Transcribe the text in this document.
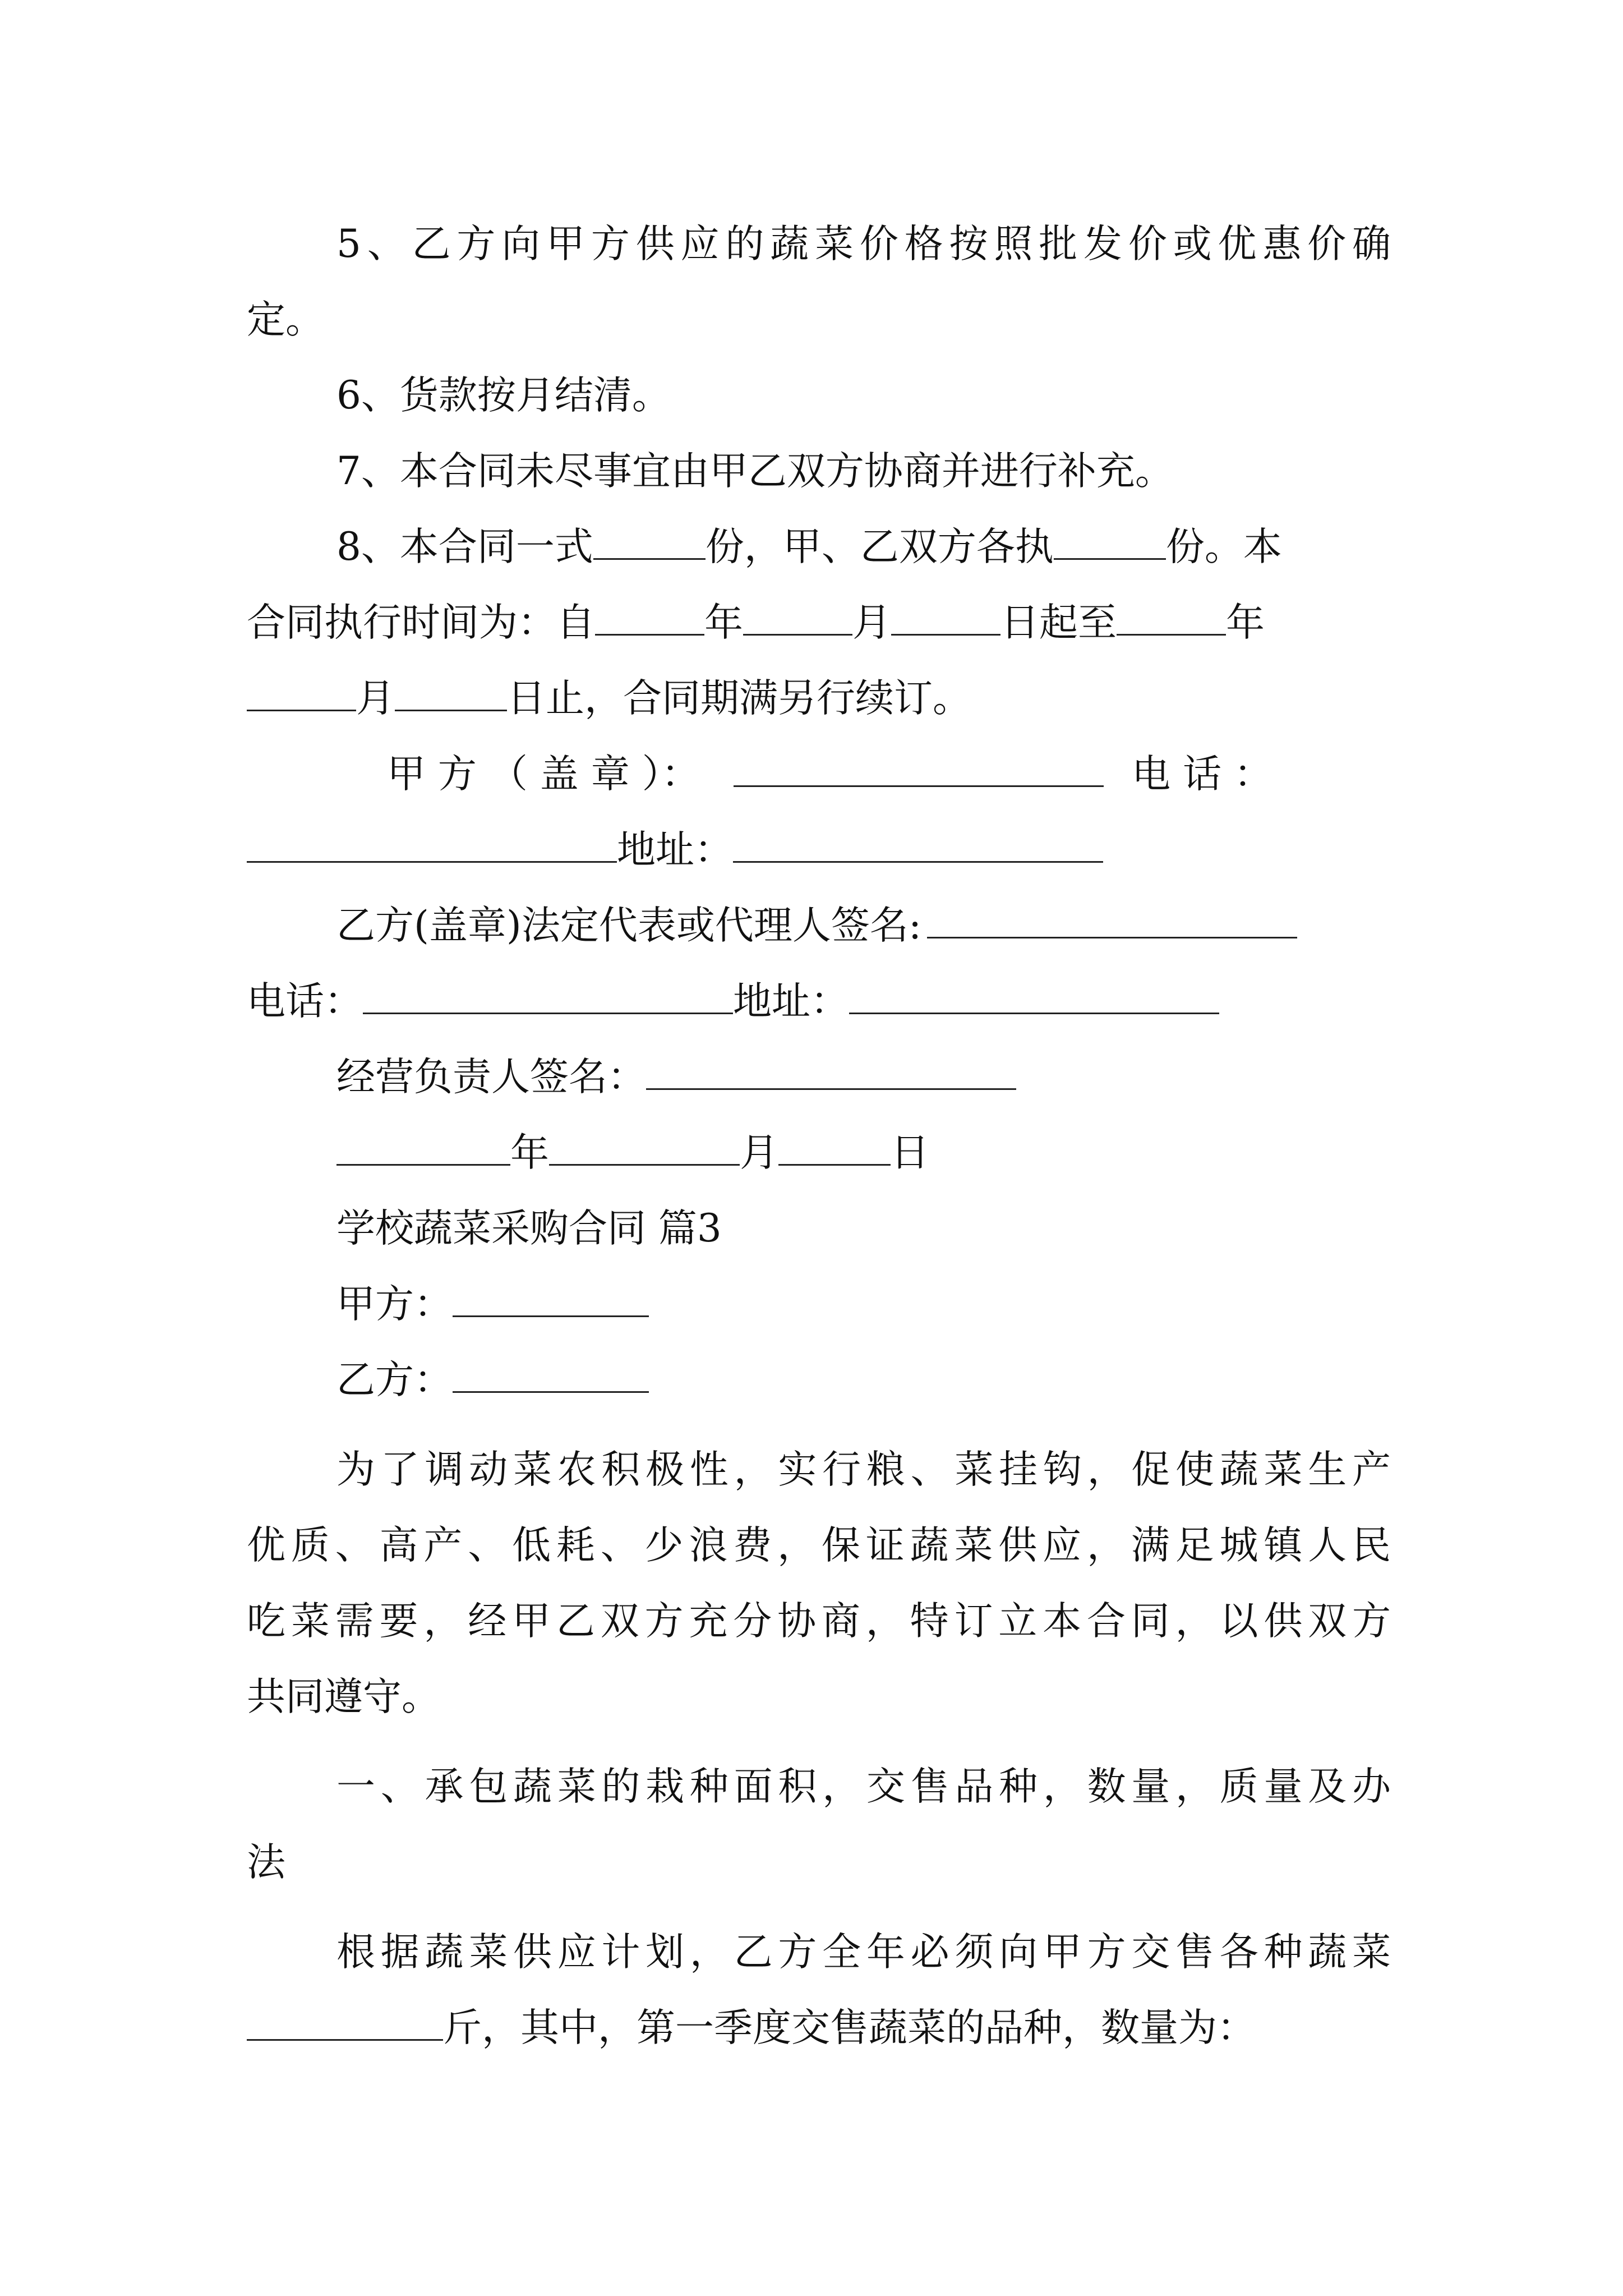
5、乙方向甲方供应的蔬菜价格按照批发价或优惠价确
定。
6、货款按月结清。
7、本合同未尽事宜由甲乙双方协商并进行补充。
8、本合同一式	份，甲、乙双方各执	份。本
合同执行时间为：自	年	月	日起至	年
月	日止，合同期满另行续订。
甲 方 （ 盖 章 ）：	电 话 ：
地址：
乙方(盖章)法定代表或代理人签名:
电话：	地址：
经营负责人签名：
年	月	日
学校蔬菜采购合同 篇3
甲方：
乙方：
为了调动菜农积极性，实行粮、菜挂钩，促使蔬菜生产
优质、高产、低耗、少浪费，保证蔬菜供应，满足城镇人民
吃菜需要，经甲乙双方充分协商，特订立本合同，以供双方
共同遵守。
一、承包蔬菜的栽种面积，交售品种，数量，质量及办
法
根据蔬菜供应计划，乙方全年必须向甲方交售各种蔬菜
斤，其中，第一季度交售蔬菜的品种，数量为：
